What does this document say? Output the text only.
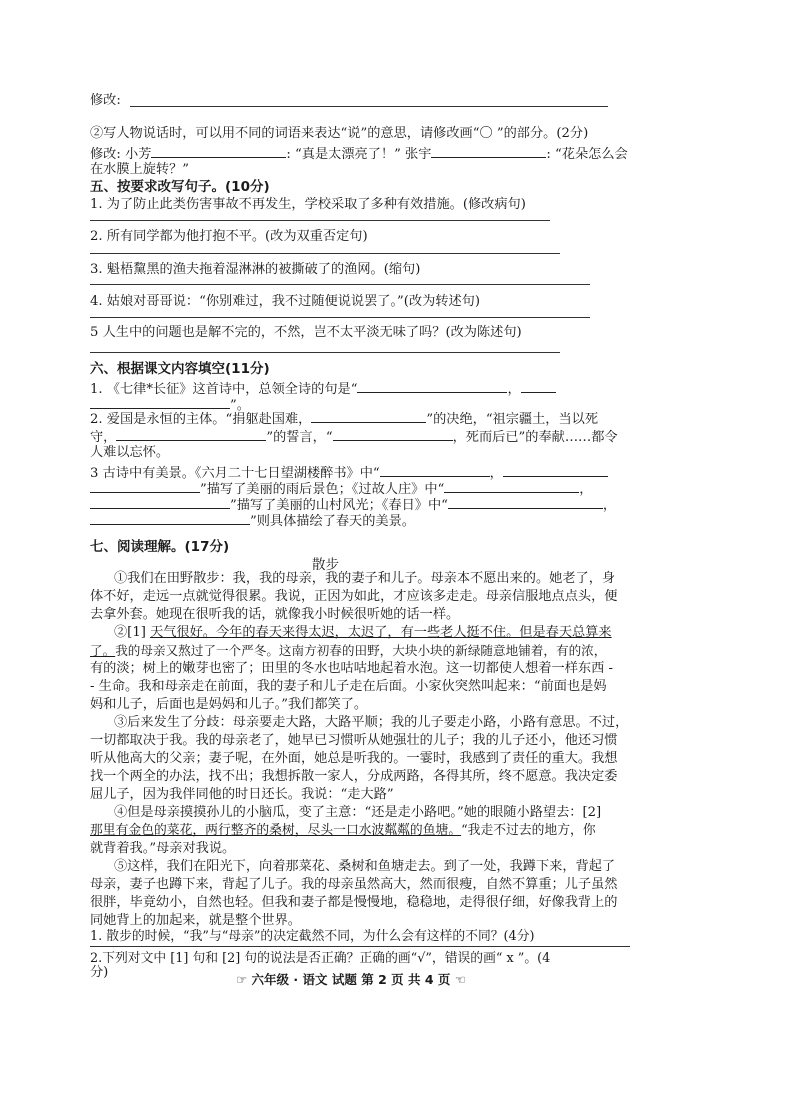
修改:
②写人物说话时，可以用不同的词语来表达“说”的意思，请修改画“〇 ”的部分。(2分)
修改: 小芳	: “真是太漂亮了！” 张宇	: “花朵怎么会
在水膜上旋转？”
五、按要求改写句子。(10分)
1. 为了防止此类伤害事故不再发生，学校采取了多种有效措施。(修改病句)
2. 所有同学都为他打抱不平。(改为双重否定句)
3. 魁梧黧黑的渔夫拖着湿淋淋的被撕破了的渔网。(缩句)
4. 姑娘对哥哥说：“你别难过，我不过随便说说罢了。”(改为转述句)
5 人生中的问题也是解不完的，不然，岂不太平淡无味了吗？(改为陈述句)
六、根据课文内容填空(11分)
1. 《七律*长征》这首诗中，总领全诗的句是“	，
”。
2. 爱国是永恒的主体。“捐躯赴国难，	”的决绝，“祖宗疆土，当以死
守，	”的誓言，“	，死而后已”的奉献……都令
人难以忘怀。
3 古诗中有美景。《六月二十七日望湖楼醉书》中“	，
”描写了美丽的雨后景色；《过故人庄》中“	，
”描写了美丽的山村风光；《春日》中“	，
”则具体描绘了春天的美景。
七、阅读理解。(17分)
散步
①我们在田野散步：我，我的母亲，我的妻子和儿子。母亲本不愿出来的。她老了，身
体不好，走远一点就觉得很累。我说，正因为如此，才应该多走走。母亲信服地点点头，便
去拿外套。她现在很听我的话，就像我小时候很听她的话一样。
②[1] 天气很好。今年的春天来得太迟，太迟了，有一些老人挺不住。但是春天总算来
了。我的母亲又熬过了一个严冬。这南方初春的田野，大块小块的新绿随意地铺着，有的浓，
有的淡；树上的嫩芽也密了；田里的冬水也咕咕地起着水泡。这一切都使人想着一样东西 -
- 生命。我和母亲走在前面，我的妻子和儿子走在后面。小家伙突然叫起来：“前面也是妈
妈和儿子，后面也是妈妈和儿子。”我们都笑了。
③后来发生了分歧：母亲要走大路，大路平顺；我的儿子要走小路，小路有意思。不过，
一切都取决于我。我的母亲老了，她早已习惯听从她强壮的儿子；我的儿子还小，他还习惯
听从他高大的父亲；妻子呢，在外面，她总是听我的。一霎时，我感到了责任的重大。我想
找一个两全的办法，找不出；我想拆散一家人，分成两路，各得其所，终不愿意。我决定委
屈儿子，因为我伴同他的时日还长。我说：“走大路”
④但是母亲摸摸孙儿的小脑瓜，变了主意：“还是走小路吧。”她的眼随小路望去：[2]
那里有金色的菜花，两行整齐的桑树，尽头一口水波粼粼的鱼塘。“我走不过去的地方，你
就背着我。”母亲对我说。
⑤这样，我们在阳光下，向着那菜花、桑树和鱼塘走去。到了一处，我蹲下来，背起了
母亲，妻子也蹲下来，背起了儿子。我的母亲虽然高大，然而很瘦，自然不算重；儿子虽然
很胖，毕竟幼小，自然也轻。但我和妻子都是慢慢地，稳稳地，走得很仔细，好像我背上的
同她背上的加起来，就是整个世界。
1. 散步的时候，“我”与“母亲”的决定截然不同，为什么会有这样的不同？(4分)
2.下列对文中 [1] 句和 [2] 句的说法是否正确？正确的画“√”，错误的画“ x ”。(4
分)	☞ 六年级 · 语文 试题 第 2 页 共 4 页 ☜
